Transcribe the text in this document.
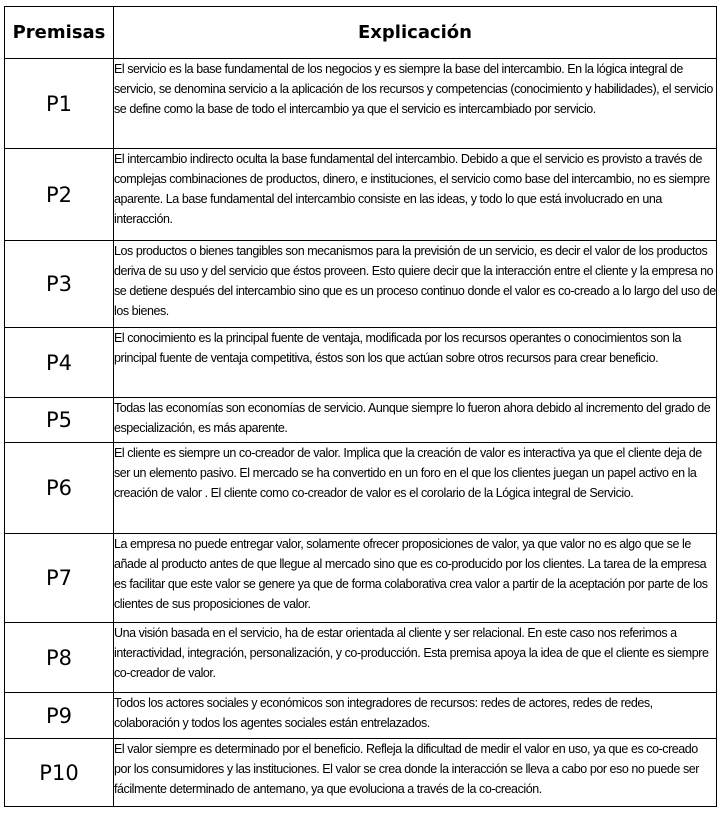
Premisas	Explicación
P1	El servicio es la base fundamental de los negocios y es siempre la base del intercambio. En la lógica integral de servicio, se denomina servicio a la aplicación de los recursos y competencias (conocimiento y habilidades), el servicio se define como la base de todo el intercambio ya que el servicio es intercambiado por servicio.
P2	El intercambio indirecto oculta la base fundamental del intercambio. Debido a que el servicio es provisto a través de complejas combinaciones de productos, dinero, e instituciones, el servicio como base del intercambio, no es siempre aparente. La base fundamental del intercambio consiste en las ideas, y todo lo que está involucrado en una interacción.
P3	Los productos o bienes tangibles son mecanismos para la previsión de un servicio, es decir el valor de los productos deriva de su uso y del servicio que éstos proveen. Esto quiere decir que la interacción entre el cliente y la empresa no se detiene después del intercambio sino que es un proceso continuo donde el valor es co-creado a lo largo del uso de los bienes.
P4	El conocimiento es la principal fuente de ventaja, modificada por los recursos operantes o conocimientos son la principal fuente de ventaja competitiva, éstos son los que actúan sobre otros recursos para crear beneficio.
P5	Todas las economías son economías de servicio. Aunque siempre lo fueron ahora debido al incremento del grado de especialización, es más aparente.
P6	El cliente es siempre un co-creador de valor. Implica que la creación de valor es interactiva ya que el cliente deja de ser un elemento pasivo. El mercado se ha convertido en un foro en el que los clientes juegan un papel activo en la creación de valor . El cliente como co-creador de valor es el corolario de la Lógica integral de Servicio.
P7	La empresa no puede entregar valor, solamente ofrecer proposiciones de valor, ya que valor no es algo que se le añade al producto antes de que llegue al mercado sino que es co-producido por los clientes. La tarea de la empresa es facilitar que este valor se genere ya que de forma colaborativa crea valor a partir de la aceptación por parte de los clientes de sus proposiciones de valor.
P8	Una visión basada en el servicio, ha de estar orientada al cliente y ser relacional. En este caso nos referimos a interactividad, integración, personalización, y co-producción. Esta premisa apoya la idea de que el cliente es siempre co-creador de valor.
P9	Todos los actores sociales y económicos son integradores de recursos: redes de actores, redes de redes, colaboración y todos los agentes sociales están entrelazados.
P10	El valor siempre es determinado por el beneficio. Refleja la dificultad de medir el valor en uso, ya que es co-creado por los consumidores y las instituciones. El valor se crea donde la interacción se lleva a cabo por eso no puede ser fácilmente determinado de antemano, ya que evoluciona a través de la co-creación.
